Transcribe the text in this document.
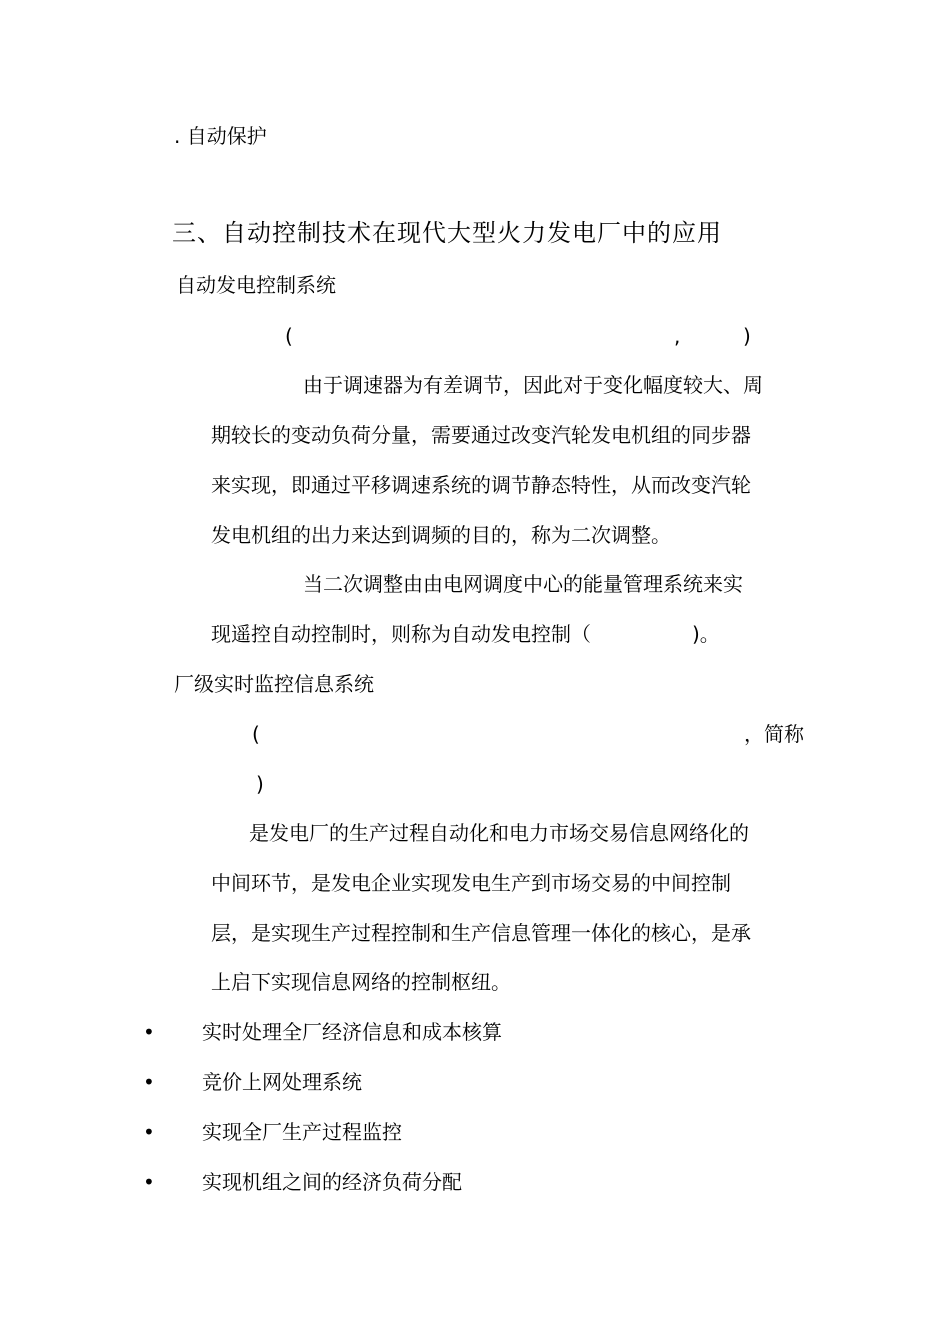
. 自动保护
三、自动控制技术在现代大型火力发电厂中的应用
自动发电控制系统
(	,	)
由于调速器为有差调节，因此对于变化幅度较大、周
期较长的变动负荷分量，需要通过改变汽轮发电机组的同步器
来实现，即通过平移调速系统的调节静态特性，从而改变汽轮
发电机组的出力来达到调频的目的，称为二次调整。
当二次调整由由电网调度中心的能量管理系统来实
现遥控自动控制时，则称为自动发电控制（	)。
厂级实时监控信息系统
(	，简称
)
是发电厂的生产过程自动化和电力市场交易信息网络化的
中间环节，是发电企业实现发电生产到市场交易的中间控制
层，是实现生产过程控制和生产信息管理一体化的核心，是承
上启下实现信息网络的控制枢纽。
• 实时处理全厂经济信息和成本核算
• 竞价上网处理系统
• 实现全厂生产过程监控
• 实现机组之间的经济负荷分配
